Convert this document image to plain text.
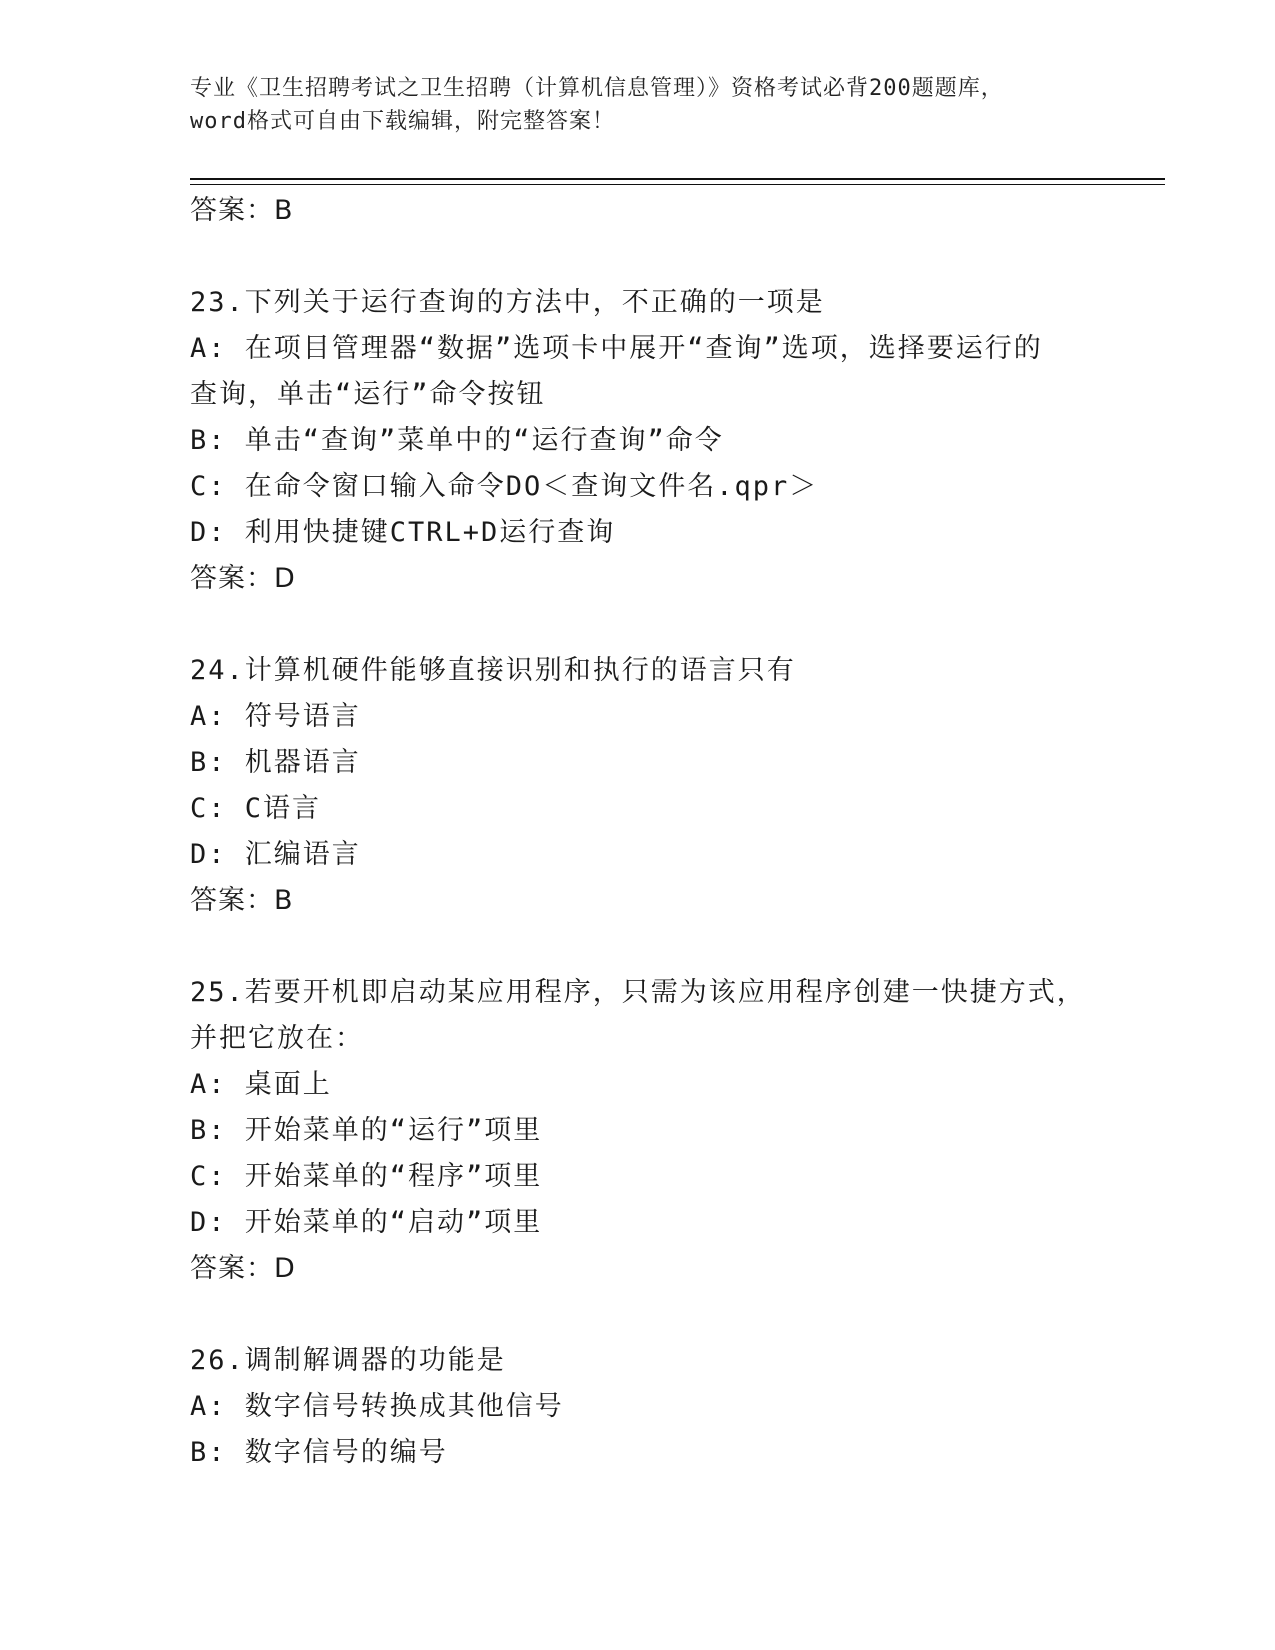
专业《卫生招聘考试之卫生招聘（计算机信息管理）》资格考试必背200题题库，
word格式可自由下载编辑，附完整答案！
答案：B
23.下列关于运行查询的方法中，不正确的一项是
A: 在项目管理器“数据”选项卡中展开“查询”选项，选择要运行的
查询，单击“运行”命令按钮
B: 单击“查询”菜单中的“运行查询”命令
C: 在命令窗口输入命令DO＜查询文件名.qpr＞
D: 利用快捷键CTRL+D运行查询
答案：D
24.计算机硬件能够直接识别和执行的语言只有
A: 符号语言
B: 机器语言
C: C语言
D: 汇编语言
答案：B
25.若要开机即启动某应用程序，只需为该应用程序创建一快捷方式，
并把它放在：
A: 桌面上
B: 开始菜单的“运行”项里
C: 开始菜单的“程序”项里
D: 开始菜单的“启动”项里
答案：D
26.调制解调器的功能是
A: 数字信号转换成其他信号
B: 数字信号的编号
